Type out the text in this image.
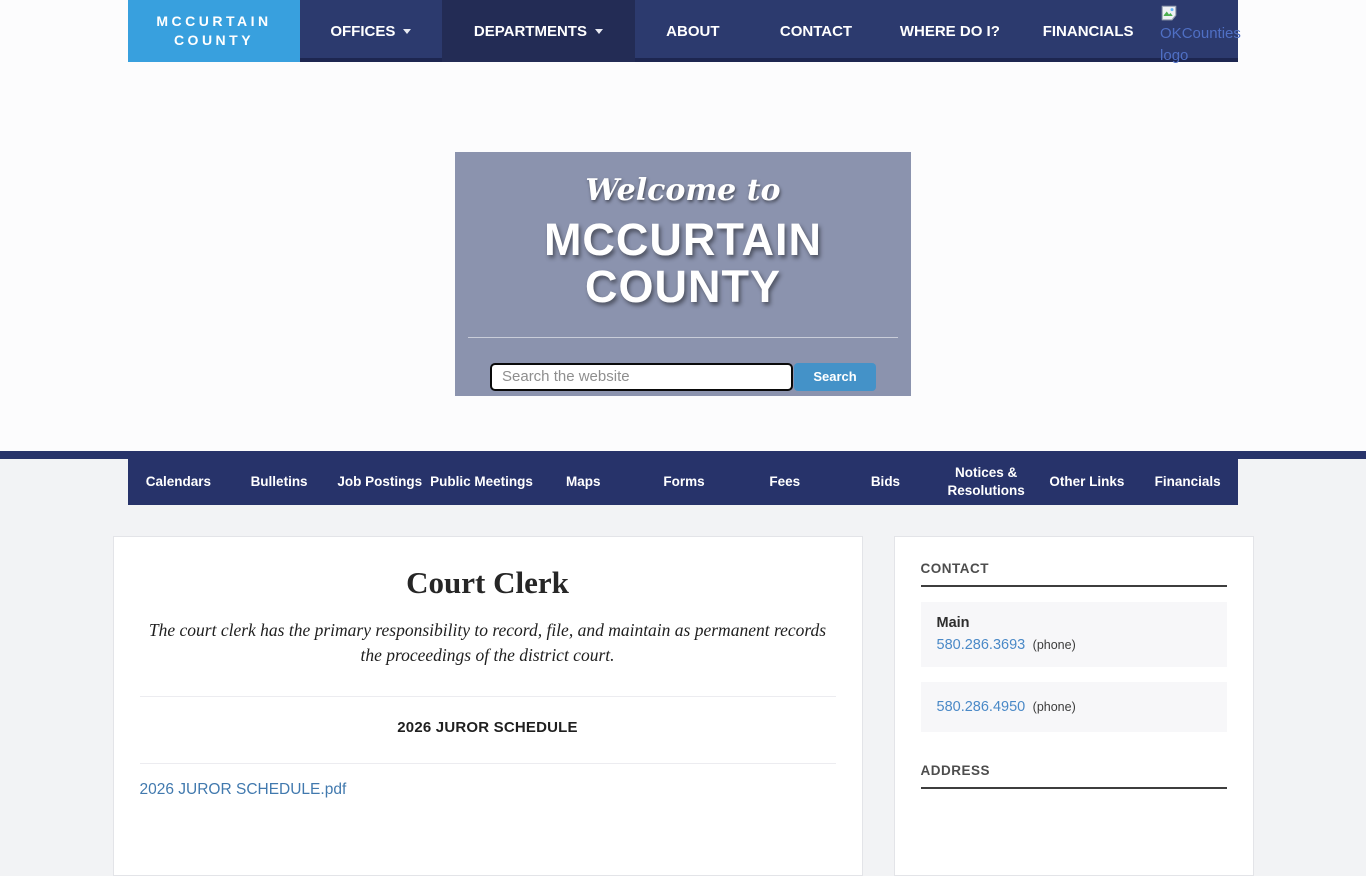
MCCURTAIN
COUNTY
OFFICES	DEPARTMENTS	ABOUT	CONTACT	WHERE DO I?	FINANCIALS OKCounties logo
Welcome to
MCCURTAIN
COUNTY
Search the website
Search
Calendars	Bulletins	Job Postings Public Meetings	Maps	Forms	Fees	Bids
Notices & Resolutions
Other Links	Financials
Court Clerk

The court clerk has the primary responsibility to record, file, and maintain as permanent records the proceedings of the district court.

2026 JUROR SCHEDULE
2026 JUROR SCHEDULE.pdf
CONTACT
Main
580.286.3693 (phone)
580.286.4950 (phone)
ADDRESS
